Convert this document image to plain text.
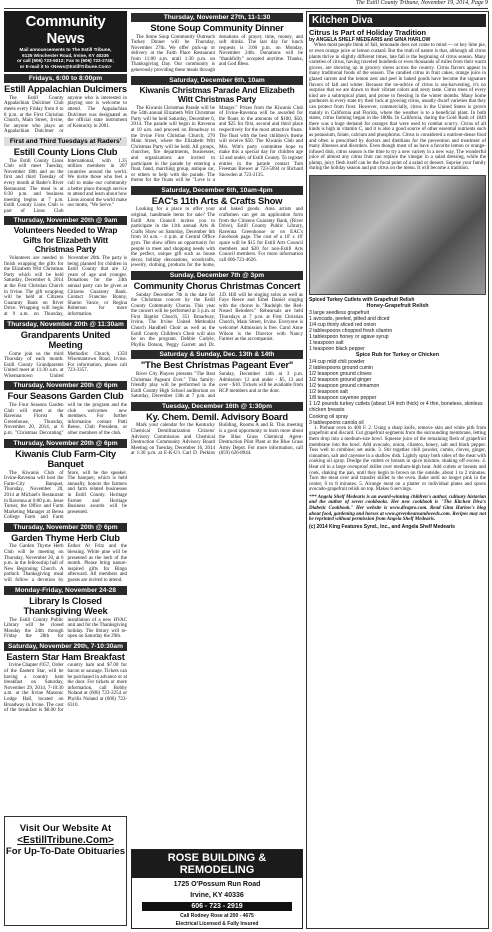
The Estill County Tribune, November 19, 2014, Page 9
Community News

Mail announcements to The Estill Tribune,

6135 Winchester Road, Irvine, KY 40336

or call (606) 723-5012; Fax to (606) 723-2745;

or E-mail it to <News@EstillTribune.Com>

Fridays, 6:00 to 8:00pm
Estill Appalachian Dulcimers

The Estill County Appalachian Dulcimer Club meets every Friday from 6 to 8 p.m. at the First Christian Church, Main Street, Irvine, for anyone who plays an Appalachian Dulcimer or anyone who is interested in playing one is welcome to attend. The Appalachian Dulcimer was designated as the official state instrument of Kentucky in 2001.

First and Third Tuesdays at Raders'
Estill County Lions Club

The Estill County Lions Club will meet Tuesday, November 18th and on the first and third Tuesday of every month at Rader's River Restaurant. The meal is at 6:30 p.m. and business meeting begins at 7 p.m. Estill County Lions Club is part of Lions Club International, with 1.35 million members in 207 countries around the world. We invite those who feel a call to make our community a better place through service to attend and learn about how Lions around the world make our motto, "We Serve."

Thursday, November 20th @ 9am
Volunteers Needed to Wrap Gifts for Elizabeth Witt Christmas Party

Volunteers are needed to finish wrapping the gifts for the Elizabeth Witt Christmas Party which will be held Saturday, December 6, 2014 at the First Christian Church in Irvine. The gift wrapping will be held at Citizens Guaranty Bank on River Drive. Wrapping will begin at 9 a.m. on Thursday, November 20th. The party is being planned for children in Estill County that are 12 years of age and younger. Donations for the 24th annual party can be given at Citizens Guaranty Bank. Contact Francine Bonny, Sharon Vance, or Regina Roberson for more information.

Thursday, November 20th @ 11:30am
Grandparents United Meeting

Come join us the third Thursday of each month. Estill County Grandparents United meet at 11:30 a.m. at Wisemantown United Methodist Church, 1350 Wisemantown Road, Irvine. For information, please call 723-3357.

Thursday, November 20th @ 6pm
Four Seasons Garden Club

The Four Seasons Garden Club will meet at the Ravenna Florist & Greenhouse, Thursday, November 20, 2014, at 6 p.m. "Christmas Decorating" will be the program and the club welcomes new members. For further information contact Patti Reese, Club President, or other members of the club.

Thursday, November 20th @ 6pm
Kiwanis Club Farm-City Banquet

The Kiwanis Club of Irvine-Ravenna will host the Farm-City Banquet, Thursday, November 20, 2014 at Michael's Restaurant in Ravenna at 6:00 p.m. Jesse Turner, the Office and Farm Marketing Manager at Berea College Farm and Farm Store, will be the speaker. The banquet, which is held annually, honors the farmers and farm related businesses in Estill County. Heritage Farmer and Heritage Business awards will be presented.

Thursday, November 20th @ 6pm
Garden Thyme Herb Club

The Garden Thyme Herb Club will be meeting on Thursday, November 20, at 6 p.m. in the fellowship hall of New Beginning Church. A potluck Thanksgiving meal will follow a devotion by Esther Al Fritz and the blessing. White pine will be presented as the herb of the month. Please bring nature-inspired gifts for Bingo afterward. All members and guests are invited to attend.

Monday-Friday, November 24-28
Library Is Closed Thanksgiving Week

The Estill County Public Library will be closed Monday the 24th through Friday the 28th for installation of a new HVAC unit and for the Thanksgiving holiday. The library will re-open on Saturday the 29th.

Saturday, November 29th, 7-10:30am
Eastern Star Ham Breakfast

Irvine Chapter #357, Order of the Eastern Star, will be having a country ham breakfast on Saturday, November 29, 2014, 7-10:30 a.m. at the Irvine Masonic Lodge Hall, located on Broadway in Irvine. The cost of the breakfast is $8.00 for country ham and $7.00 for bacon or sausage. Tickets can be purchased in advance or at the door. For tickets or more information, call Bobby Noland at (606) 723-2254 or Phyllis Noland at (606) 723-6310.

Visit Our Website At
<EstillTribune.Com>
For Up-To-Date Obituaries
Thursday, November 27th, 11-1:30
Stone Soup Community Dinner

The Stone Soup Community Outreach Turkey Dinner will be Thursday, November 27th. We offer pick-up or delivery at the Faith Place Restaurant from 11:00 a.m. until 1:30 p.m. on Thanksgiving Day. Our community is generously providing these meals through donations of prayer, time, money, and soft drinks. The last day for lunch requests is 3:00 p.m. on Monday, November 24th. Donations will be "thankfully" accepted anytime. Thanks, and God Bless.

Saturday, December 6th, 10am
Kiwanis Christmas Parade And Elizabeth Witt Christmas Party

The Kiwanis Christmas Parade will be the 54th annual Elizabeth Witt Christmas Party will be held Saturday, December 6, 2014. The parade will begin in Ravenna at 10 a.m. and proceed on Broadway to the Irvine First Christian Church, 270 Main Street, where the Elizabeth Witt Christmas Party will be held. All groups, churches, fire departments, businesses, and organizations are invited to participate in the parade by entering a float, band, marching group, antique car, or others to help with the parade. The theme for the floats will be "Love is a Manger." Prizes from the Kiwanis Club of Irvine-Ravenna will be awarded for the floats in the amounts of $100, $50, and $25 for first, second and third place respectively for the most attractive floats. The float with the best children's theme will receive $50. The Kiwanis Club and Mrs. Witt's party committee hope to make this a special day for children age 12 and under, of Estill County. To register entries in the parade contact Tom Freeman Brewer at 723-5694 or Richard Snowden at 723-2135.

Saturday, December 6th, 10am-4pm
EAC's 11th Arts & Crafts Show

Looking for a place to offer your original, handmade items for sale? The Estill Arts Council invites you to participate in the 11th annual Arts & Crafts Show on Saturday, December 6th from 10 a.m. - 4 p.m. at Central Office gym. The show offers an opportunity for people to meet and shopping needs with the perfect, unique gift such as house decor, holiday decorations, woodcrafts, jewelry, clothing, products for the home, and baked goods. Area artists and craftsmen can get an application form from the Citizens Guaranty Bank, (River Drive), Estill County Public Library, Ravenna Greenhouse or on EAC's Facebook page. The cost of a 10' x 10' space will be $15 for Estill Arts Council members and $20 for non-Estill Arts Council members. For more information call 606-723-4626.

Sunday, December 7th @ 3pm
Community Chorus Christmas Concert

Sunday December 7th is the date for the Christmas concert by the Estill County Community Chorus. This year the concert will be performed at 3 p.m. at First Baptist Church, 351 Broadway, Irvine. The Irvine United Methodist Church Handbell Choir as well as the Estill County Children's Choir will also be on the program. Debbie Cudyle, Phyllis Dotson, Peggy Garrett and Dr. J.D. Hill will be singing solos as well as Faye Reece and Ethel Daniel singing with the chorus in "Rudolph the Red-Nosed Reindeer." Rehearsals are held Thursdays at 7 p.m. at First Christian Church, Main Street, Irvine. Everyone is welcome! Admission is free. Carol Anne Wilson is the Director with Nancy Farmer as the accompanist.

Saturday & Sunday, Dec. 13th & 14th
"The Best Christmas Pageant Ever"

River City Players presents "The Best Christmas Pageant Ever." This family-friendly play will be performed in the Estill County High School auditorium on Saturday, December 13th at 7 p.m. and Sunday, December 14th at 3 p.m. Admission: 12 and under - $5, 13 and over - $10. Tickets will be available from RCP members and at the door.

Tuesday, December 16th @ 1:30pm
Ky. Chem. Demil. Advisory Board

Mark your calendar for the Kentucky Chemical Demilitarization Citizens' Advisory Commission and Chemical Destruction Community Advisory Board Meeting on Tuesday, December 16, 2014 at 1:30 p.m. at E-K-U's Carl D. Perkins Building, Rooms A and B. This meeting is a good opportunity to learn more about the Blue Grass Chemical Agent-Destruction Pilot Plant at the Blue Grass Army Depot. For more information, call (859) 626-8944.

ROSE BUILDING & REMODELING
1725 O'Possum Run Road
Irvine, KY 40336
606 - 723 - 2919
Call Rodney Rose at 200 - 4675
Electrical Licensed & Fully Insured
Kitchen Diva
Citrus Is Part of Holiday Tradition
by ANGELA SHELF MEDEARIS and GINA HARLOW

When most people think of fall, lemonade does not come to mind — or key lime pie, or even orange juice or lemon custard. But the truth of nature is that, although all citrus plants thrive in slightly different times, late fall is the beginning of citrus season. Many varieties of citrus, having traveled hundreds or even thousands of miles from their warm groves, are showing up in grocery stores across the country. Citrus flavors appear in many traditional foods of the season. The candied citrus in fruit cakes, orange juice in glazed carrots and the lemon zest and peel in baked goods have become the signature flavors of fall and winter. Because the no-advice of citrus is sea-harvesting, it's no surprise that we are drawn to their vibrant colors and zesty taste. Citrus trees of every kind are a subtropical plant, and prone to freezing in the winter months. Many home gardeners in every state try their luck at growing citrus, usually dwarf varieties that they can protect from frost. However, commercially, citrus in the United States is grown mainly in California and Florida, where the weather is to a beneficial plant. In both states, citrus farming began in the 1800s. In California, during the Gold Rush of 1849 there was a huge demand for oranges that were used to combat scurvy. Citrus of all kinds is high in vitamin C, and it is also a good source of other essential nutrients such as potassium, folate, calcium and phosphorus. Citrus is considered a nutrient-dense food and often is prescribed by doctors and dietitians for the prevention and treatment of many illnesses and disorders. Even though most of us have a favorite lemon or orange-infused dish, citrus season is the time to try a new variety in a new way. The wonderful juice of almost any citrus fruit can replace the vinegar in a salad dressing, while the plump, juicy flesh itself can be the focal point of a salad or dessert. Suprise your family during the holiday season and put citrus on the menu. It will become a tradition.

Spiced Turkey Cutlets with Grapefruit Relish
Honey-Grapefruit Relish
3 large seedless grapefruit
1 avocado, peeled, pitted and diced
1/4 cup thinly sliced red onion
2 tablespoons chopped fresh cilantro
1 tablespoon honey or agave syrup
1 teaspoon salt
1 teaspoon black pepper
Spice Rub for Turkey or Chicken
1/4 cup mild chili powder
2 tablespoons ground cumin
1/2 teaspoon ground cloves
1/2 teaspoon ground ginger
1/2 teaspoon ground cinnamon
1/2 teaspoon salt
1/8 teaspoon cayenne pepper
1 1/2 pounds turkey cutlets (about 1/4 inch thick) or 4 thin, boneless, skinless chicken breasts
Cooking oil spray
3 tablespoons canola oil

1. Preheat oven to 400 F. 2. Using a sharp knife, remove skin and white pith from grapefruit and discard. Cut grapefruit segments from the surrounding membrane, letting them drop into a medium-size bowl. Squeeze juice of the remaining flesh of grapefruit membrane into the bowl. Add avocado, onion, cilantro, honey, salt and black pepper. Toss well to combine; set aside. 3. Stir together chili powder, cumin, cloves, ginger, cinnamon, salt and cayenne in a shallow dish. Lightly spray both sides of the meat with cooking oil spray. Dredge the cutlets or breasts in spice mixture, shaking off excess. 4. Heat oil in a large ovenproof skillet over medium-high heat. Add cutlets or breasts and cook, shaking the pan, until they begin to brown on the outside, about 1 to 2 minutes. Turn the meat over and transfer skillet to the oven. Bake until no longer pink in the center, 6 to 8 minutes. 5. Arrange meat on a platter or individual plates and spoon avocado-grapefruit relish on top. Makes 6 servings.

*** Angela Shelf Medearis is an award-winning children's author, culinary historian and the author of seven cookbooks. Her new cookbook is "The Kitchen Diva's Diabetic Cookbook." Her website is www.divapro.com. Read Gina Harlow's blog about food, gardening and horses at www.greenbeansandweeds.com. Recipes may not be reprinted without permission from Angela Shelf Medearis.
(c) 2014 King Features Synd., Inc., and Angela Shelf Medearis
